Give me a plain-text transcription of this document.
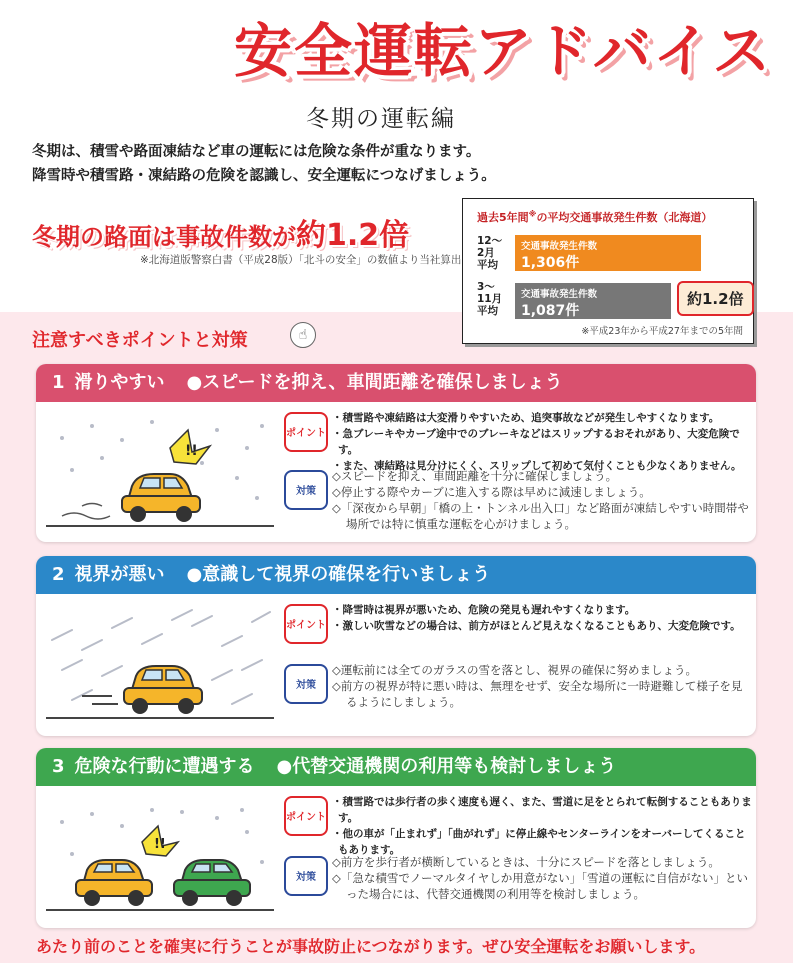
安全運転アドバイス
冬期の運転編
冬期は、積雪や路面凍結など車の運転には危険な条件が重なります。
降雪時や積雪路・凍結路の危険を認識し、安全運転につなげましょう。
冬期の路面は事故件数が約1.2倍
※北海道版警察白書（平成28版）「北斗の安全」の数値より当社算出
過去5年間※の平均交通事故発生件数（北海道）
12〜
2月
平均
交通事故発生件数
1,306件
3〜
11月
平均
交通事故発生件数
1,087件
約1.2倍
※平成23年から平成27年までの5年間
注意すべきポイントと対策	☝
1 滑りやすい ●スピードを抑え、車間距離を確保しましょう
!!
ポイント
・積雪路や凍結路は大変滑りやすいため、追突事故などが発生しやすくなります。
・急ブレーキやカーブ途中でのブレーキなどはスリップするおそれがあり、大変危険です。
・また、凍結路は見分けにくく、スリップして初めて気付くことも少なくありません。
対策
◇スピードを抑え、車間距離を十分に確保しましょう。
◇停止する際やカーブに進入する際は早めに減速しましょう。
◇「深夜から早朝」「橋の上・トンネル出入口」など路面が凍結しやすい時間帯や場所では特に慎重な運転を心がけましょう。
2 視界が悪い ●意識して視界の確保を行いましょう
ポイント
・降雪時は視界が悪いため、危険の発見も遅れやすくなります。
・激しい吹雪などの場合は、前方がほとんど見えなくなることもあり、大変危険です。
対策
◇運転前には全てのガラスの雪を落とし、視界の確保に努めましょう。
◇前方の視界が特に悪い時は、無理をせず、安全な場所に一時避難して様子を見るようにしましょう。
3 危険な行動に遭遇する ●代替交通機関の利用等も検討しましょう
!!
ポイント
・積雪路では歩行者の歩く速度も遅く、また、雪道に足をとられて転倒することもあります。
・他の車が「止まれず」「曲がれず」に停止線やセンターラインをオーバーしてくることもあります。
対策
◇前方を歩行者が横断しているときは、十分にスピードを落としましょう。
◇「急な積雪でノーマルタイヤしか用意がない」「雪道の運転に自信がない」といった場合には、代替交通機関の利用等を検討しましょう。
あたり前のことを確実に行うことが事故防止につながります。ぜひ安全運転をお願いします。
